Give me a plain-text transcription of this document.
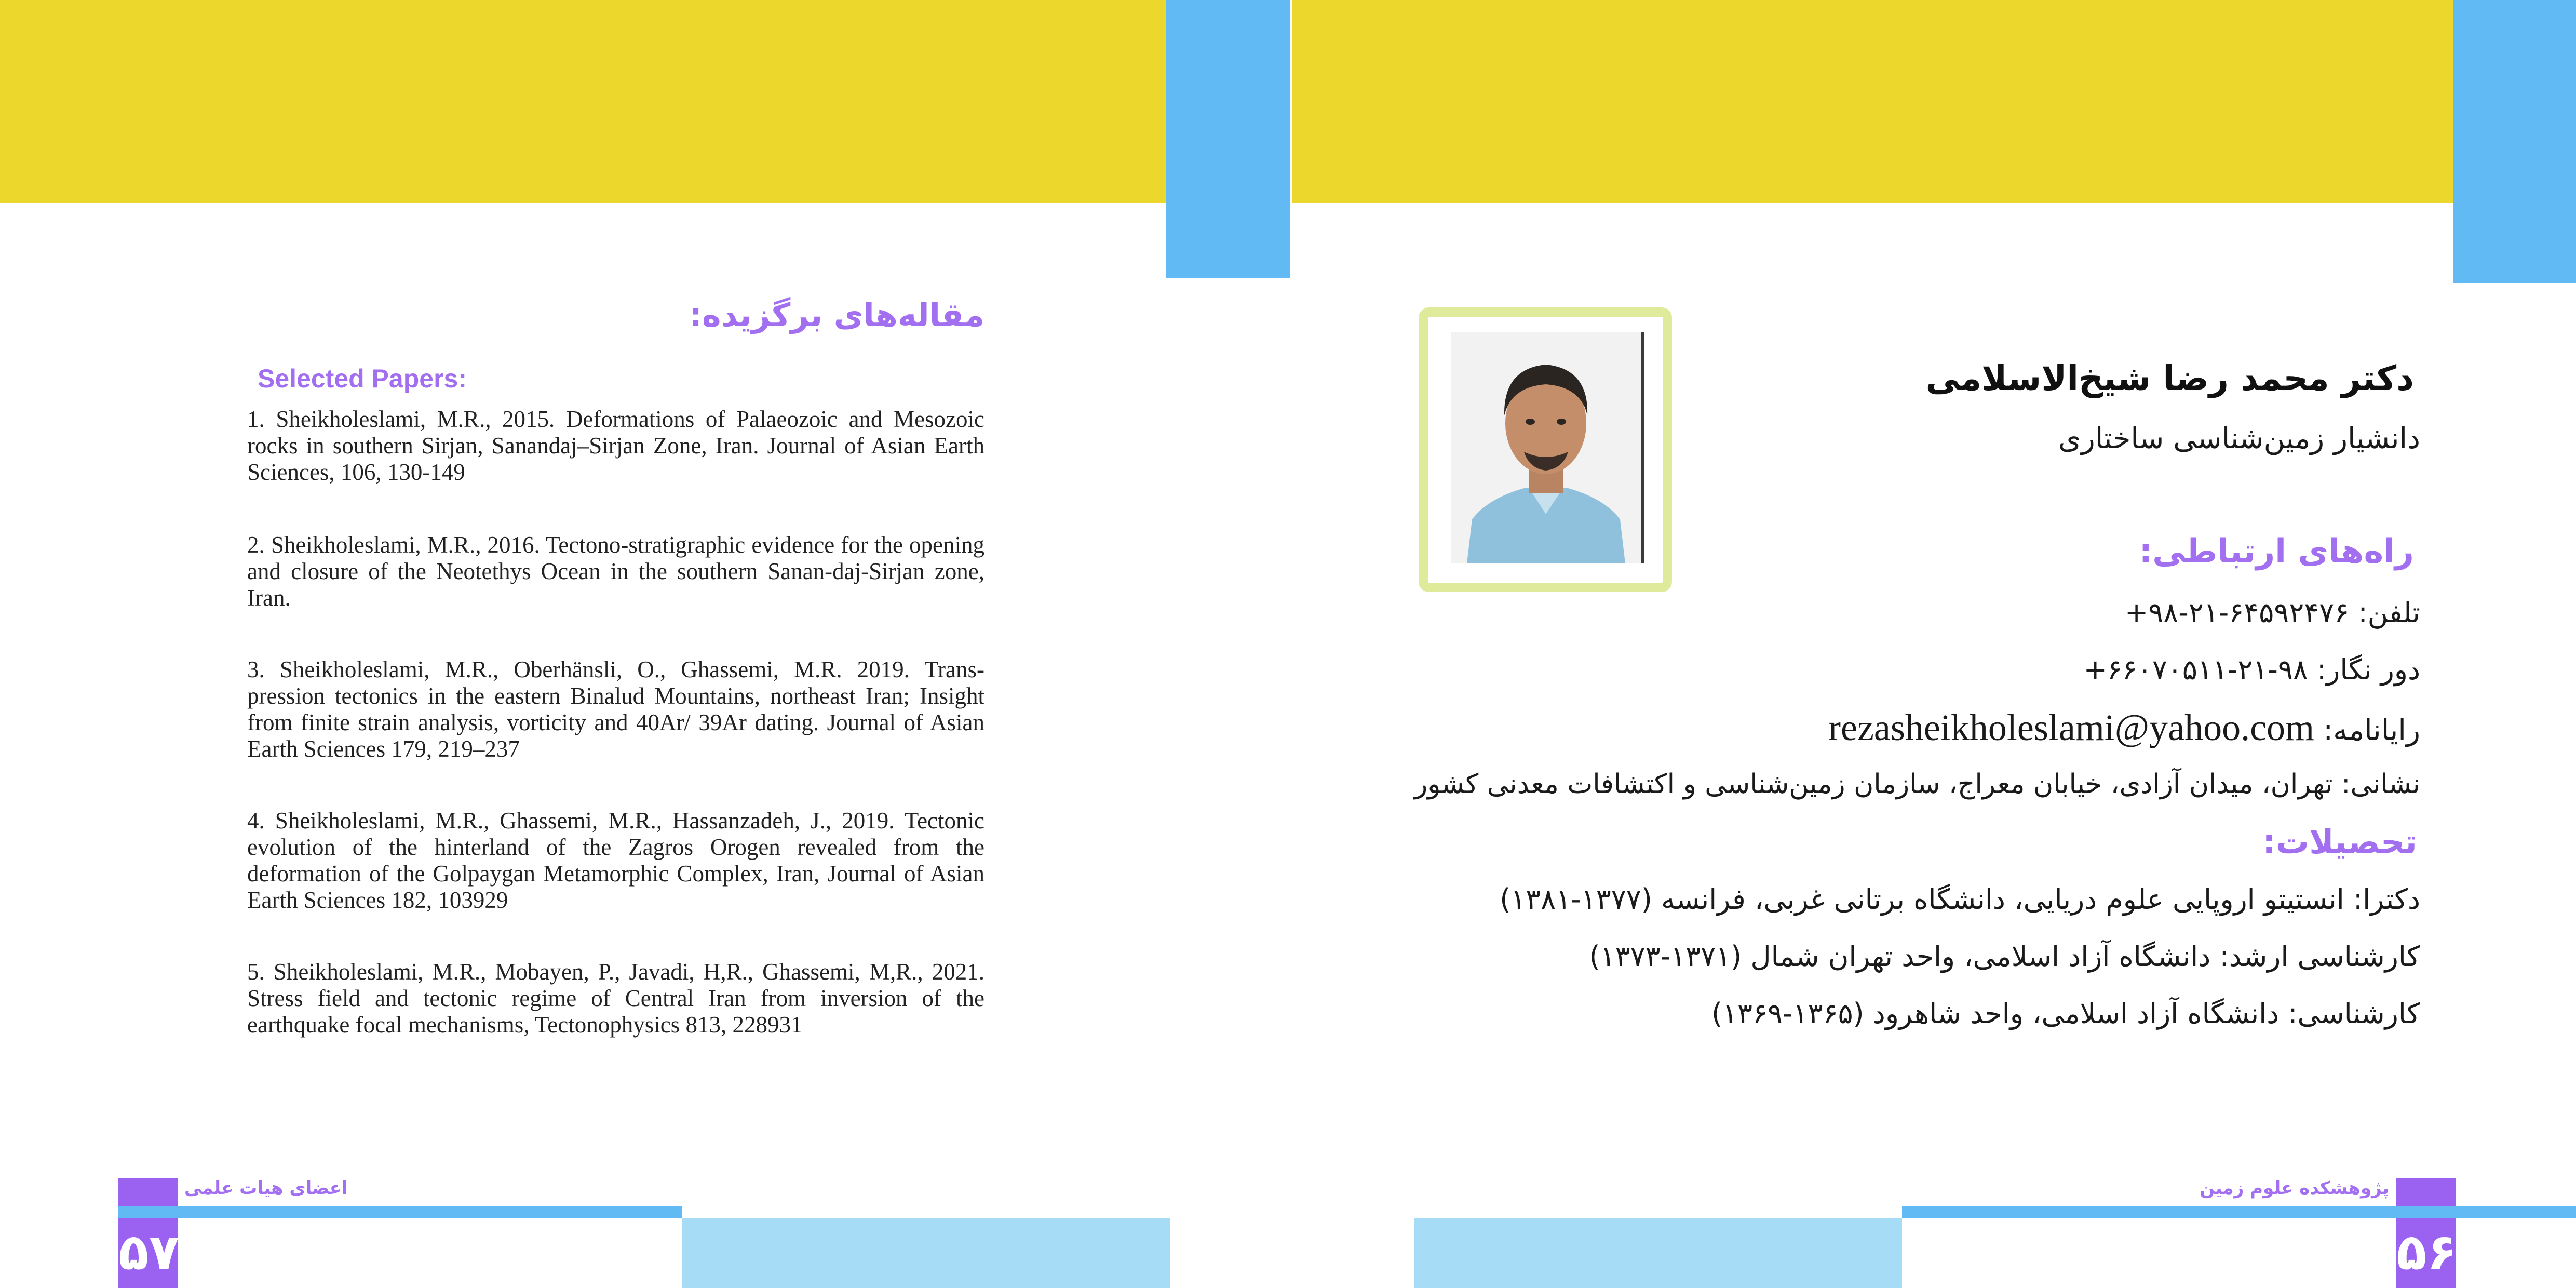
مقاله‌های برگزیده:
Selected Papers:
1. Sheikholeslami, M.R., 2015. Deformations of Palaeozoic and Mesozoic rocks in southern Sirjan, Sanandaj–Sirjan Zone, Iran. Journal of Asian Earth Sciences, 106, 130-149
2. Sheikholeslami, M.R., 2016. Tectono-stratigraphic evidence for the opening and closure of the Neotethys Ocean in the southern Sanan-daj-Sirjan zone, Iran.
3. Sheikholeslami, M.R., Oberhänsli, O., Ghassemi, M.R. 2019. Trans-pression tectonics in the eastern Binalud Mountains, northeast Iran; Insight from finite strain analysis, vorticity and 40Ar/ 39Ar dating. Journal of Asian Earth Sciences 179, 219–237
4. Sheikholeslami, M.R., Ghassemi, M.R., Hassanzadeh, J., 2019. Tectonic evolution of the hinterland of the Zagros Orogen revealed from the deformation of the Golpaygan Metamorphic Complex, Iran, Journal of Asian Earth Sciences 182, 103929
5. Sheikholeslami, M.R., Mobayen, P., Javadi, H,R., Ghassemi, M,R., 2021. Stress field and tectonic regime of Central Iran from inversion of the earthquake focal mechanisms, Tectonophysics 813, 228931
اعضای هیات علمی
۵۷
دکتر محمد رضا شیخ‌الاسلامی
دانشیار زمین‌شناسی ساختاری
راه‌های ارتباطی:
تلفن: ۶۴۵۹۲۴۷۶-۲۱-۹۸+
دور نگار: ۹۸-۲۱-۶۶۰۷۰۵۱۱+
رایانامه: rezasheikholeslami@yahoo.com
نشانی: تهران، میدان آزادی، خیابان معراج، سازمان زمین‌شناسی و اکتشافات معدنی کشور
تحصیلات:
دکترا: انستیتو اروپایی علوم دریایی، دانشگاه برتانی غربی، فرانسه (۱۳۷۷-۱۳۸۱)
کارشناسی ارشد: دانشگاه آزاد اسلامی، واحد تهران شمال (۱۳۷۱-۱۳۷۳)
کارشناسی: دانشگاه آزاد اسلامی، واحد شاهرود (۱۳۶۵-۱۳۶۹)
پژوهشکده علوم زمین
۵۶
